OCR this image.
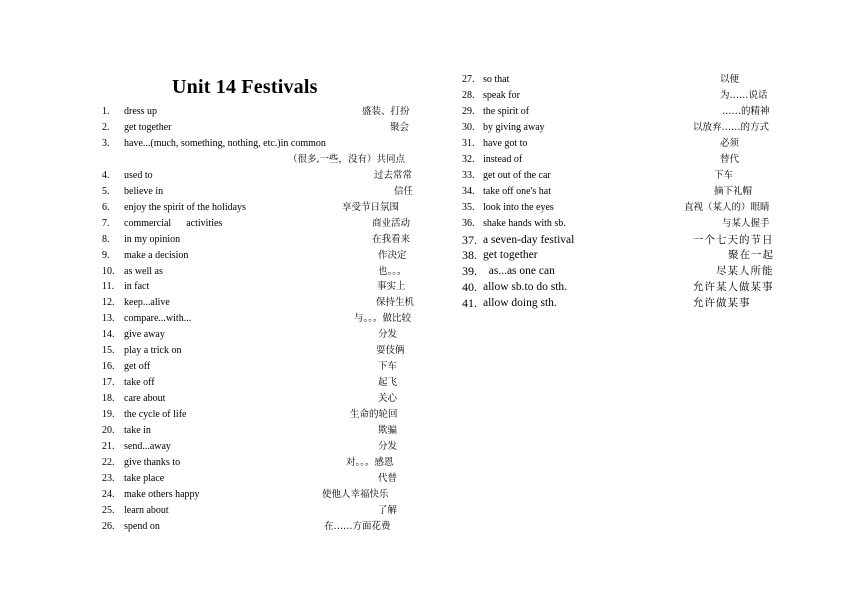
Unit 14 Festivals
1.	dress up	盛装、打扮
2.	get together	聚会
3.	have...(much, something, nothing, etc.)in common
（很多,一些，没有）共同点
4.	used to	过去常常
5.	believe in	信任
6.	enjoy the spirit of the holidays	享受节日氛围
7.	commercial      activities	商业活动
8.	in my opinion	在我看来
9.	make a decision	作决定
10. as well as	也。。。
11. in fact	事实上
12. keep...alive	保持生机
13. compare...with...	与。。。做比较
14. give away	分发
15. play a trick on	耍伎俩
16. get off	下车
17. take off	起飞
18. care about	关心
19. the cycle of life	生命的轮回
20. take in	欺骗
21. send...away	分发
22. give thanks to	对。。。感恩
23. take place	代替
24. make others happy	使他人幸福快乐
25. learn about	了解
26. spend on	在……方面花费
27. so that	以便
28. speak for	为……说话
29. the spirit of	……的精神
30. by giving away	以放弃……的方式
31. have got to	必须
32. instead of	替代
33. get out of the car	下车
34. take off one's hat	摘下礼帽
35. look into the eyes	直视（某人的）眼睛
36. shake hands with sb.	与某人握手
37. a seven-day festival	一个七天的节日
38. get together	聚在一起
39. as...as one can	尽某人所能
40. allow sb.to do sth.	允许某人做某事
41. allow doing sth.	允许做某事
